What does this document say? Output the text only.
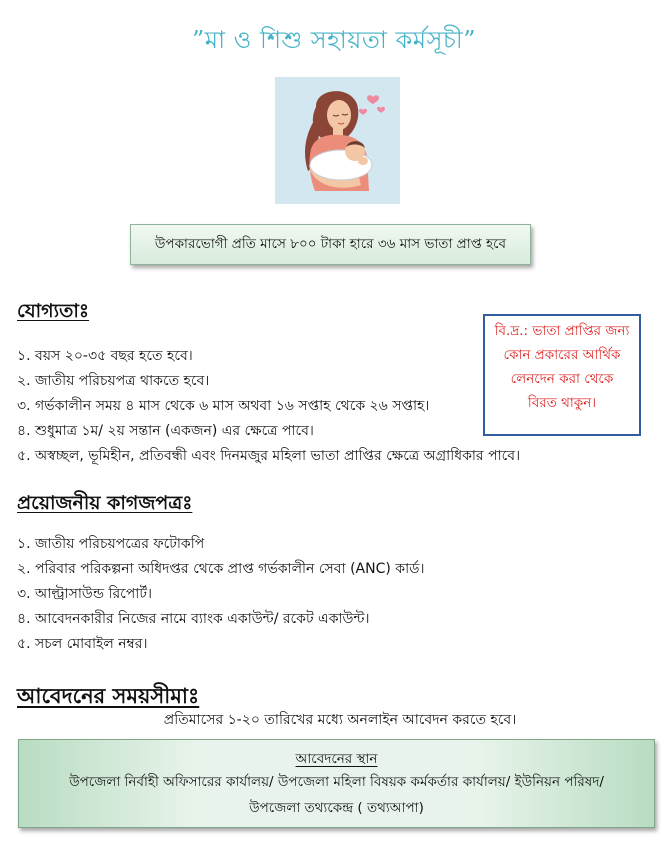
”মা ও শিশু সহায়তা কর্মসূচী”
উপকারভোগী প্রতি মাসে ৮০০ টাকা হারে ৩৬ মাস ভাতা প্রাপ্ত হবে
যোগ্যতাঃ
১. বয়স ২০-৩৫ বছর হতে হবে।
২. জাতীয় পরিচয়পত্র থাকতে হবে।
৩. গর্ভকালীন সময় ৪ মাস থেকে ৬ মাস অথবা ১৬ সপ্তাহ থেকে ২৬ সপ্তাহ।
৪. শুধুমাত্র ১ম/ ২য় সন্তান (একজন) এর ক্ষেত্রে পাবে।
৫. অস্বচ্ছল, ভূমিহীন, প্রতিবন্ধী এবং দিনমজুর মহিলা ভাতা প্রাপ্তির ক্ষেত্রে অগ্রাধিকার পাবে।
বি.দ্র.: ভাতা প্রাপ্তির জন্য
কোন প্রকারের আর্থিক
লেনদেন করা থেকে
বিরত থাকুন।
প্রয়োজনীয় কাগজপত্রঃ
১. জাতীয় পরিচয়পত্রের ফটোকপি
২. পরিবার পরিকল্পনা অধিদপ্তর থেকে প্রাপ্ত গর্ভকালীন সেবা (ANC) কার্ড।
৩. আল্ট্রাসাউন্ড রিপোর্ট।
৪. আবেদনকারীর নিজের নামে ব্যাংক একাউন্ট/ রকেট একাউন্ট।
৫. সচল মোবাইল নম্বর।
আবেদনের সময়সীমাঃ
প্রতিমাসের ১-২০ তারিখের মধ্যে অনলাইন আবেদন করতে হবে।
আবেদনের স্থান
উপজেলা নির্বাহী অফিসারের কার্যালয়/ উপজেলা মহিলা বিষয়ক কর্মকর্তার কার্যালয়/ ইউনিয়ন পরিষদ/
উপজেলা তথ্যকেন্দ্র ( তথ্যআপা)
